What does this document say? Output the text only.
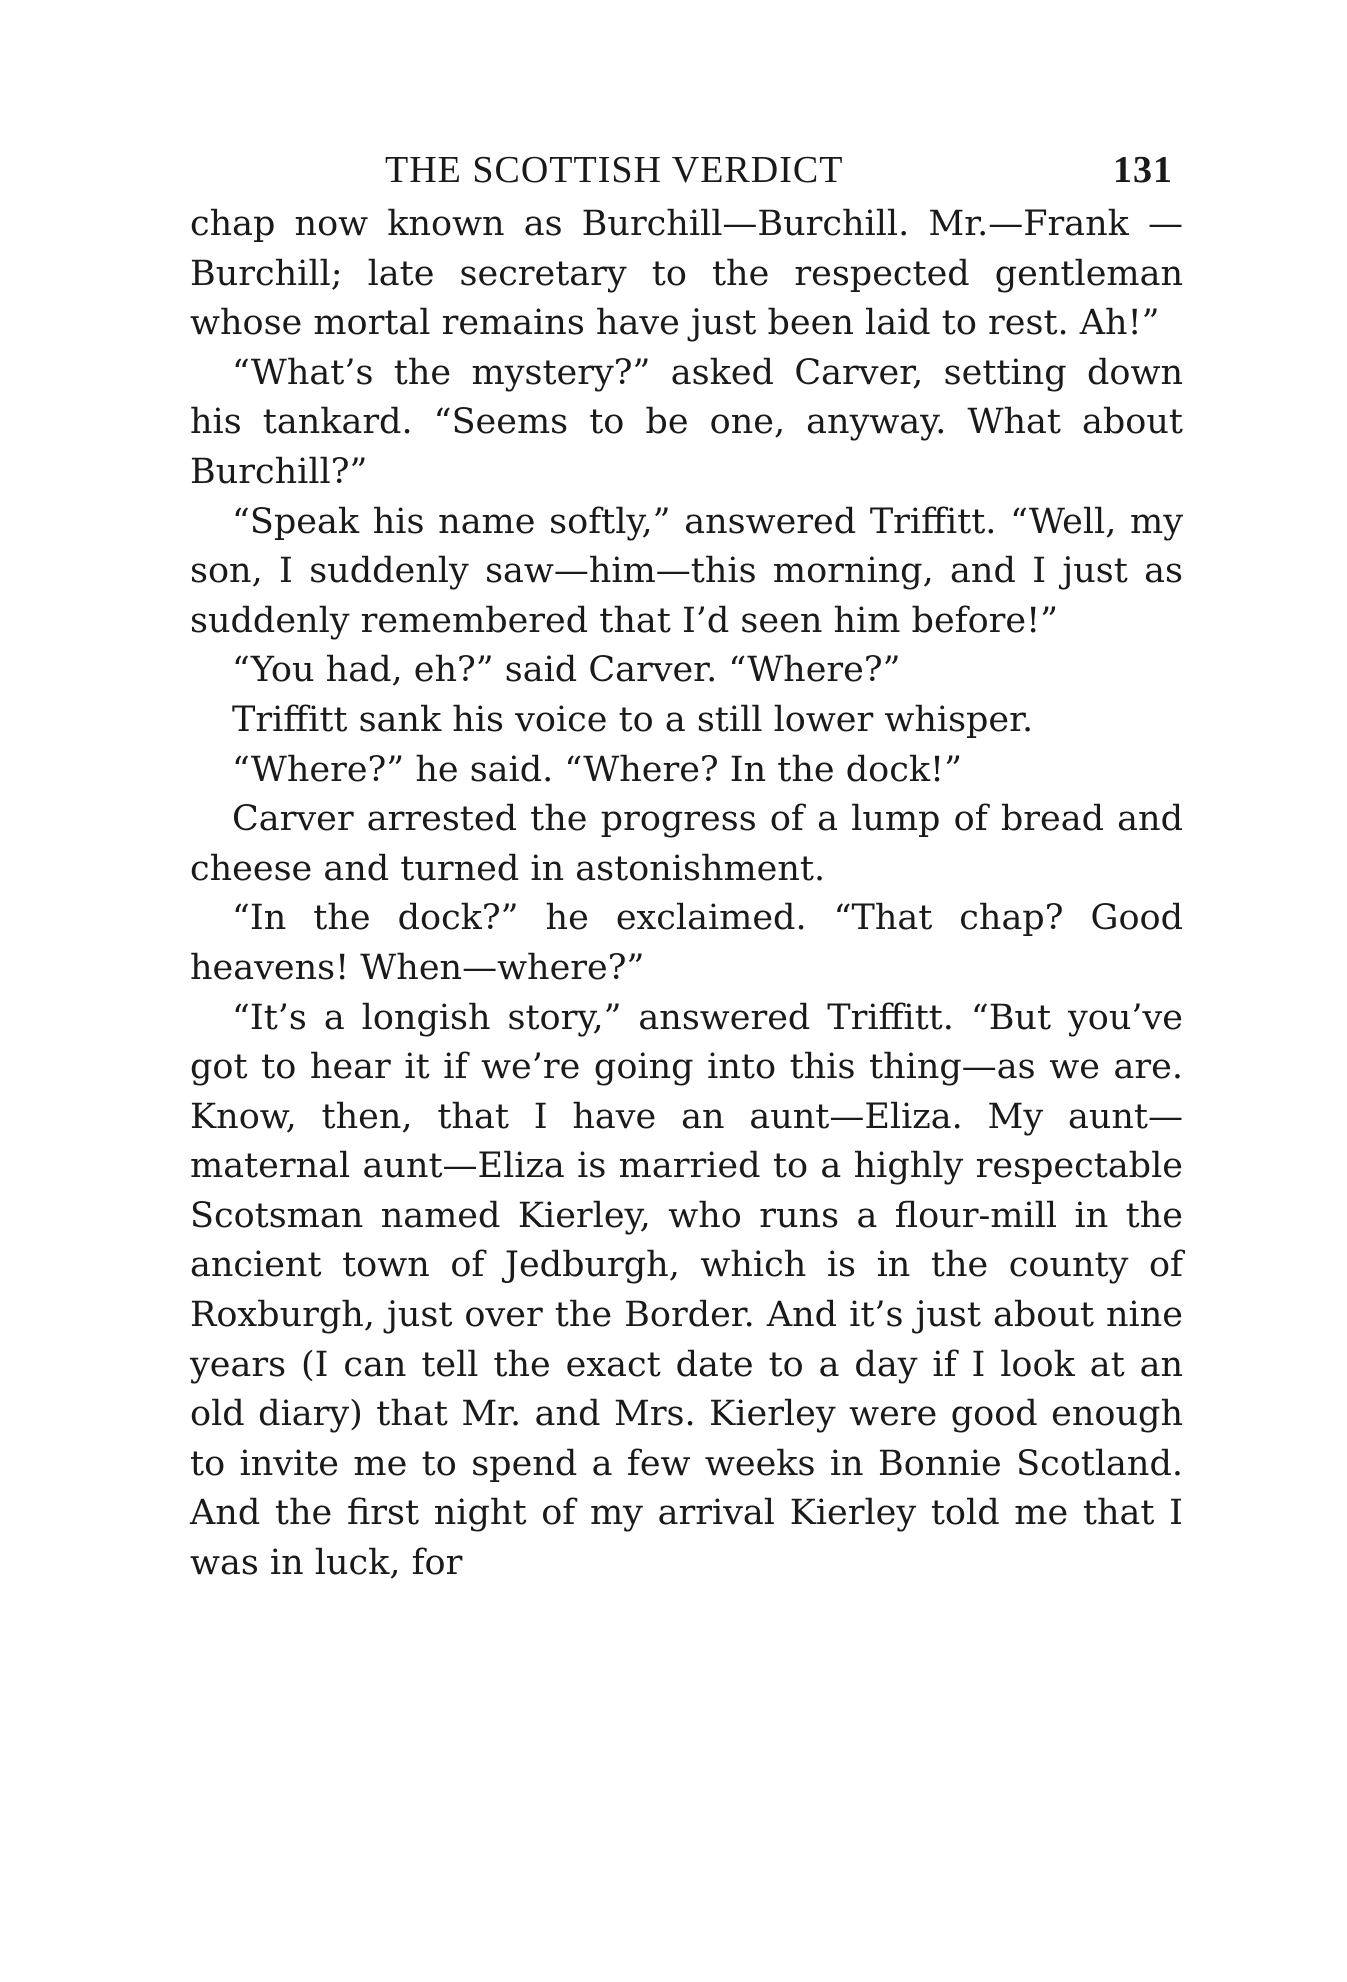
THE SCOTTISH VERDICT	131

chap now known as Burchill—Burchill. Mr.—Frank —Burchill; late secretary to the respected gentleman whose mortal remains have just been laid to rest. Ah!”

“What’s the mystery?” asked Carver, setting down his tankard. “Seems to be one, anyway. What about Burchill?”

“Speak his name softly,” answered Triffitt. “Well, my son, I suddenly saw—him—this morning, and I just as suddenly remembered that I’d seen him before!”

“You had, eh?” said Carver. “Where?”

Triffitt sank his voice to a still lower whisper.

“Where?” he said. “Where? In the dock!”

Carver arrested the progress of a lump of bread and cheese and turned in astonishment.

“In the dock?” he exclaimed. “That chap? Good heavens! When—where?”

“It’s a longish story,” answered Triffitt. “But you’ve got to hear it if we’re going into this thing—as we are. Know, then, that I have an aunt—Eliza. My aunt—maternal aunt—Eliza is married to a highly respectable Scotsman named Kierley, who runs a flour-mill in the ancient town of Jedburgh, which is in the county of Roxburgh, just over the Border. And it’s just about nine years (I can tell the exact date to a day if I look at an old diary) that Mr. and Mrs. Kierley were good enough to invite me to spend a few weeks in Bonnie Scotland. And the first night of my arrival Kierley told me that I was in luck, for
